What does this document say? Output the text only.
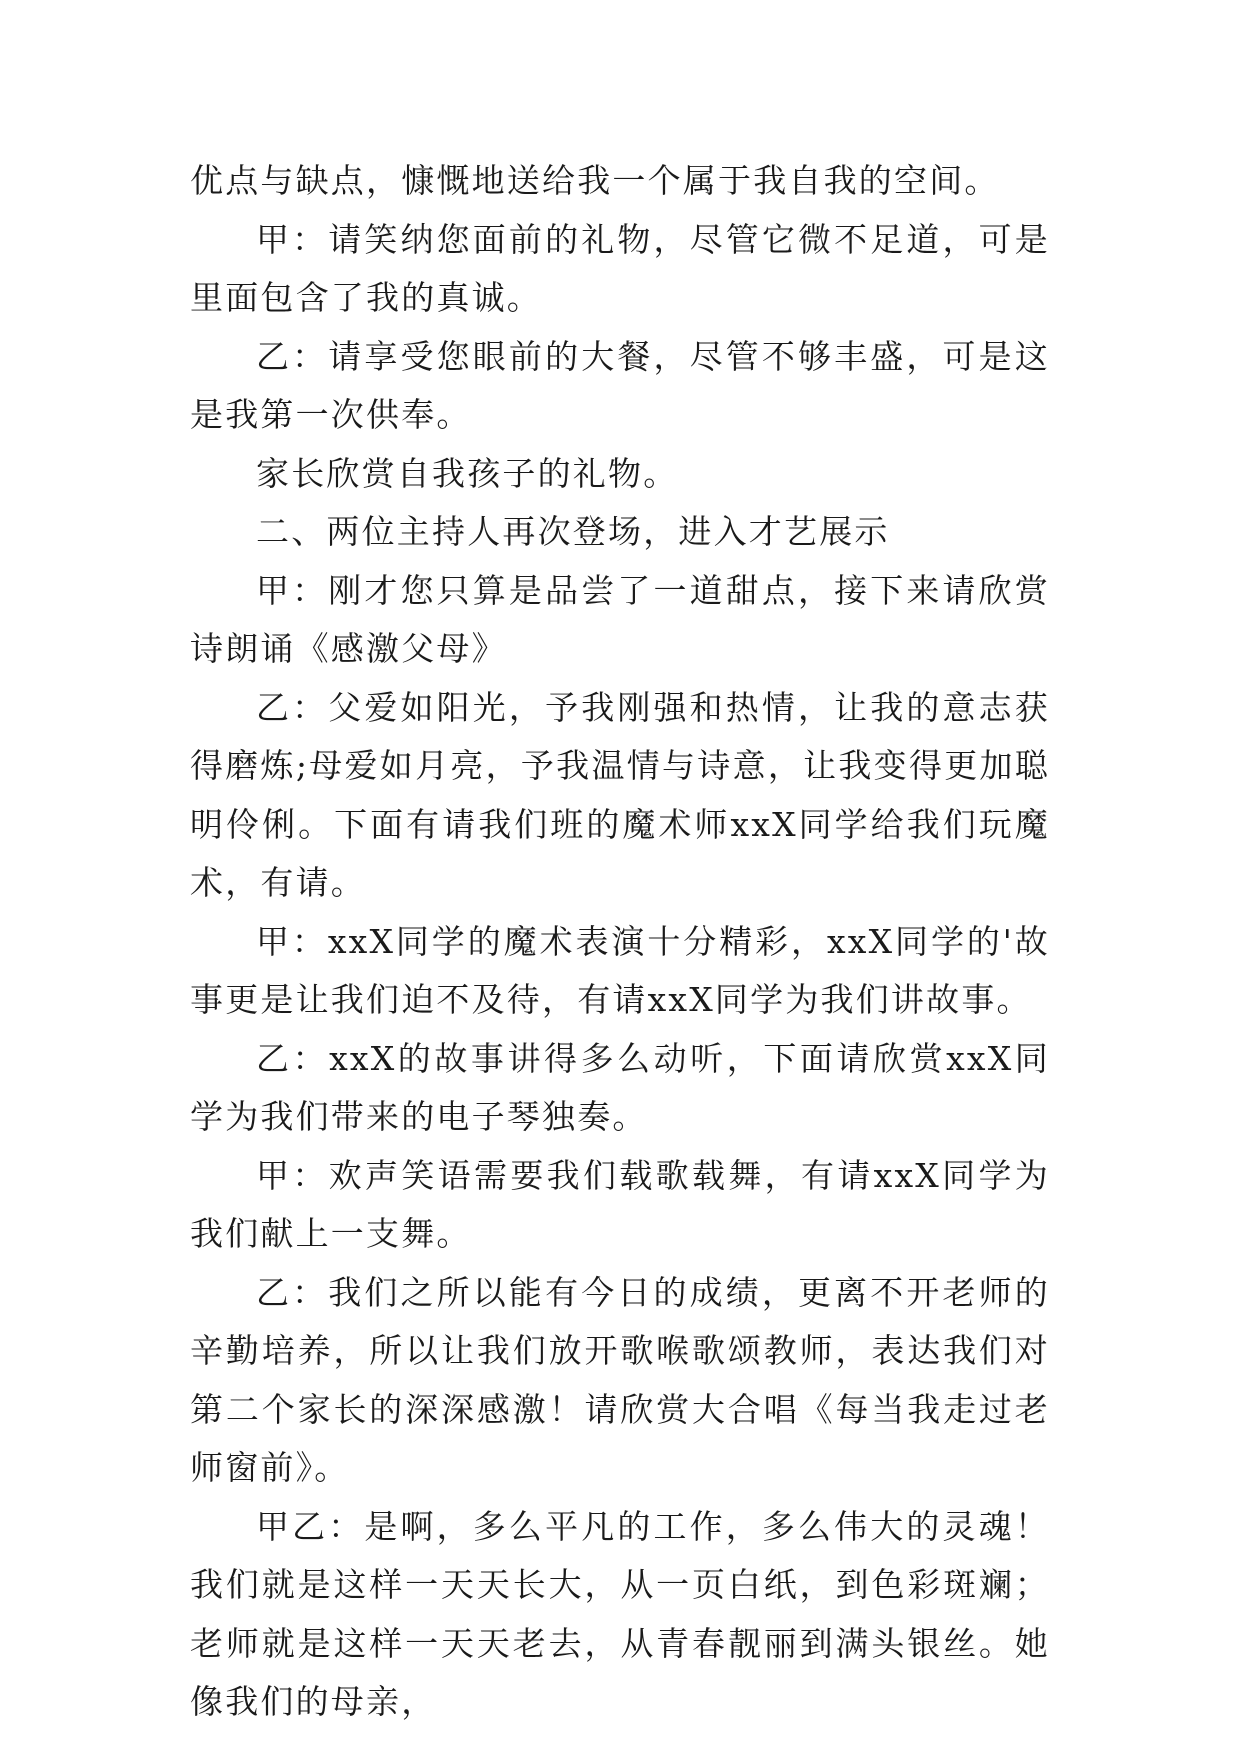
优点与缺点，慷慨地送给我一个属于我自我的空间。

甲：请笑纳您面前的礼物，尽管它微不足道，可是里面包含了我的真诚。

乙：请享受您眼前的大餐，尽管不够丰盛，可是这是我第一次供奉。

家长欣赏自我孩子的礼物。

二、两位主持人再次登场，进入才艺展示

甲：刚才您只算是品尝了一道甜点，接下来请欣赏诗朗诵《感激父母》

乙：父爱如阳光，予我刚强和热情，让我的意志获得磨炼;母爱如月亮，予我温情与诗意，让我变得更加聪明伶俐。下面有请我们班的魔术师xxX同学给我们玩魔术，有请。

甲：xxX同学的魔术表演十分精彩，xxX同学的'故事更是让我们迫不及待，有请xxX同学为我们讲故事。

乙：xxX的故事讲得多么动听，下面请欣赏xxX同学为我们带来的电子琴独奏。

甲：欢声笑语需要我们载歌载舞，有请xxX同学为我们献上一支舞。

乙：我们之所以能有今日的成绩，更离不开老师的辛勤培养，所以让我们放开歌喉歌颂教师，表达我们对第二个家长的深深感激！请欣赏大合唱《每当我走过老师窗前》。

甲乙：是啊，多么平凡的工作，多么伟大的灵魂！我们就是这样一天天长大，从一页白纸，到色彩斑斓；老师就是这样一天天老去，从青春靓丽到满头银丝。她像我们的母亲，
